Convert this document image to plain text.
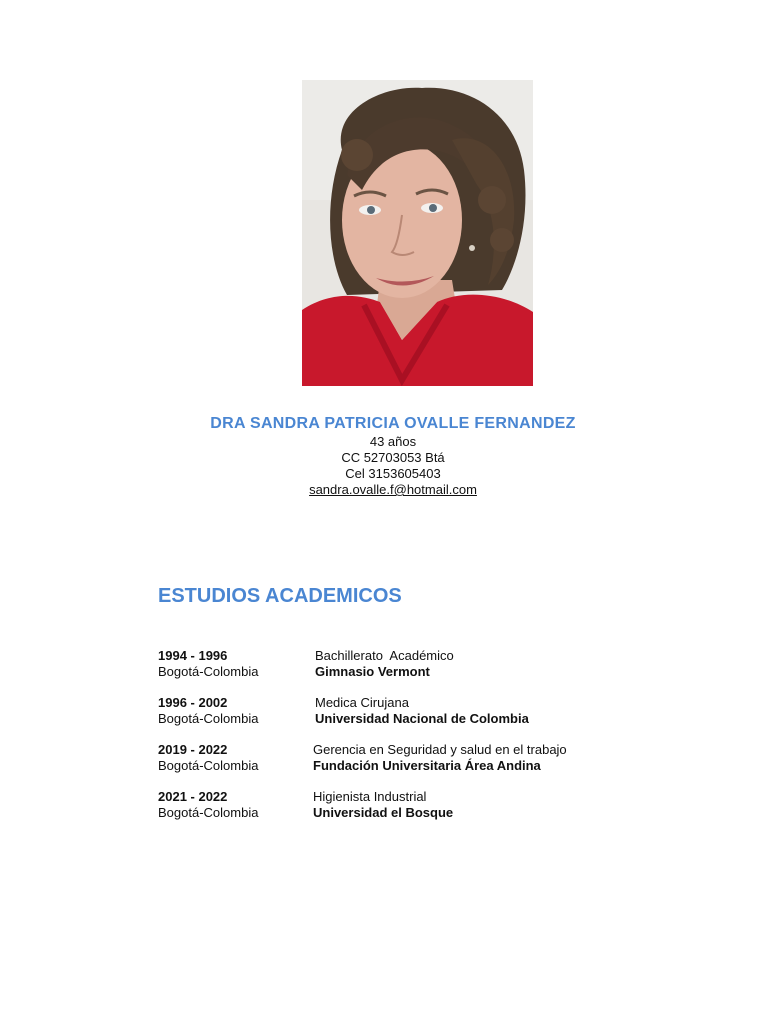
DRA SANDRA PATRICIA OVALLE FERNANDEZ
43 años
CC 52703053 Btá
Cel 3153605403
sandra.ovalle.f@hotmail.com
ESTUDIOS ACADEMICOS
1994 - 1996
Bogotá-Colombia
Bachillerato  Académico
Gimnasio Vermont
1996 - 2002
Bogotá-Colombia
Medica Cirujana
Universidad Nacional de Colombia
2019 - 2022
Bogotá-Colombia
Gerencia en Seguridad y salud en el trabajo
Fundación Universitaria Área Andina
2021 - 2022
Bogotá-Colombia
Higienista Industrial
Universidad el Bosque
